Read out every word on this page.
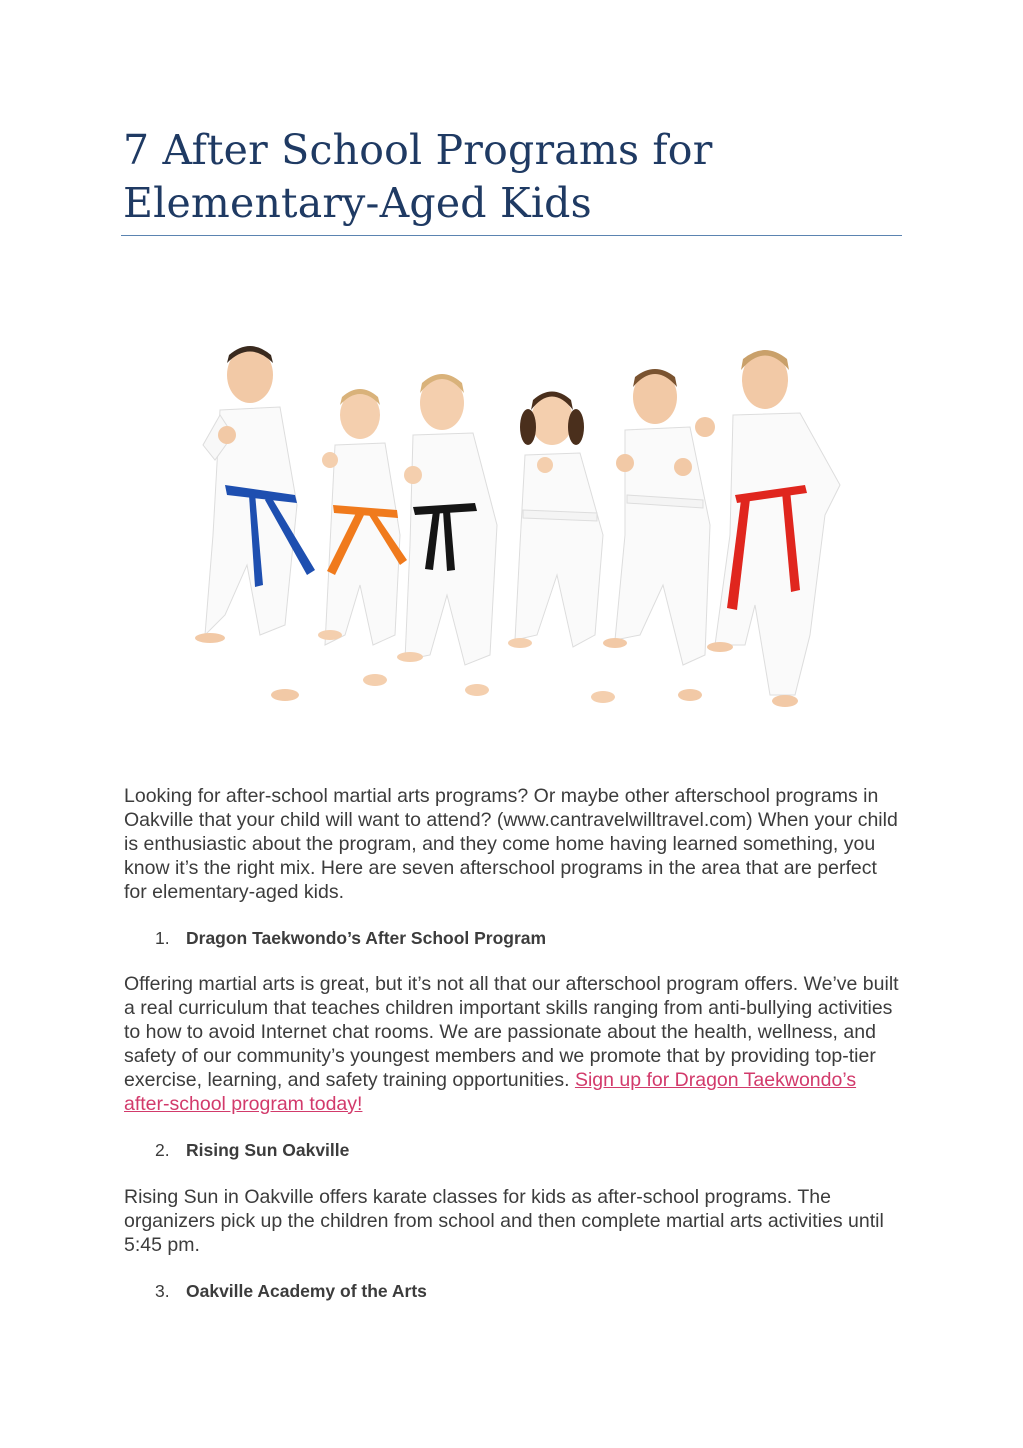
7 After School Programs for
Elementary-Aged Kids

Looking for after-school martial arts programs? Or maybe other afterschool programs in Oakville that your child will want to attend? (www.cantravelwilltravel.com) When your child is enthusiastic about the program, and they come home having learned something, you know it’s the right mix. Here are seven afterschool programs in the area that are perfect for elementary-aged kids.

1. Dragon Taekwondo’s After School Program

Offering martial arts is great, but it’s not all that our afterschool program offers. We’ve built a real curriculum that teaches children important skills ranging from anti-bullying activities to how to avoid Internet chat rooms. We are passionate about the health, wellness, and safety of our community’s youngest members and we promote that by providing top-tier exercise, learning, and safety training opportunities. Sign up for Dragon Taekwondo’s after-school program today!

2. Rising Sun Oakville

Rising Sun in Oakville offers karate classes for kids as after-school programs. The organizers pick up the children from school and then complete martial arts activities until 5:45 pm.

3. Oakville Academy of the Arts
